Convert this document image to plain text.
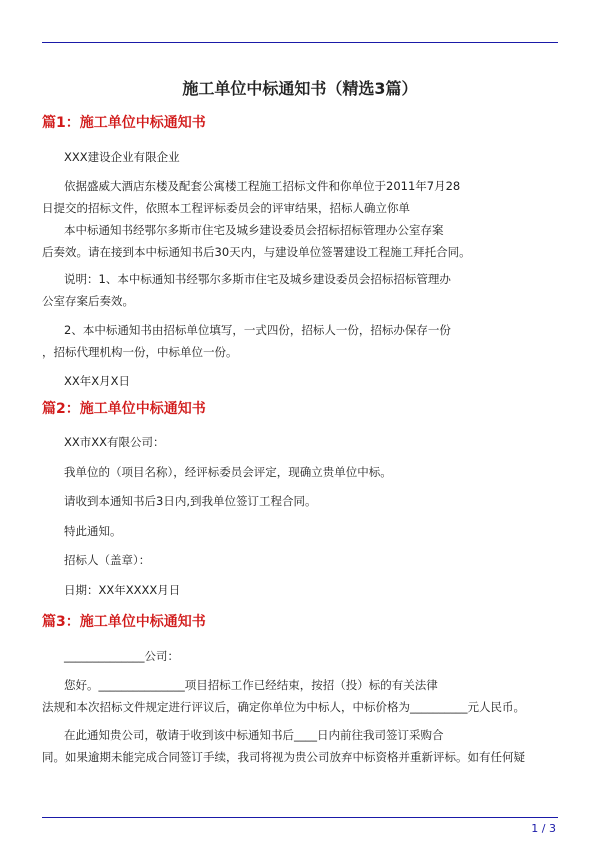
施工单位中标通知书（精选3篇）
篇1：施工单位中标通知书
XXX建设企业有限企业
依据盛威大酒店东楼及配套公寓楼工程施工招标文件和你单位于2011年7月28
日提交的招标文件，依照本工程评标委员会的评审结果，招标人确立你单
本中标通知书经鄂尔多斯市住宅及城乡建设委员会招标招标管理办公室存案
后奏效。请在接到本中标通知书后30天内，与建设单位签署建设工程施工拜托合同。
说明：1、本中标通知书经鄂尔多斯市住宅及城乡建设委员会招标招标管理办
公室存案后奏效。
2、本中标通知书由招标单位填写，一式四份，招标人一份，招标办保存一份
，招标代理机构一份，中标单位一份。
XX年X月X日
篇2：施工单位中标通知书
XX市XX有限公司：
我单位的（项目名称），经评标委员会评定，现确立贵单位中标。
请收到本通知书后3日内,到我单位签订工程合同。
特此通知。
招标人（盖章）：
日期：XX年XXXX月日
篇3：施工单位中标通知书
______________公司：
您好。_______________项目招标工作已经结束，按招（投）标的有关法律
法规和本次招标文件规定进行评议后，确定你单位为中标人，中标价格为__________元人民币。
在此通知贵公司，敬请于收到该中标通知书后____日内前往我司签订采购合
同。如果逾期未能完成合同签订手续，我司将视为贵公司放弃中标资格并重新评标。如有任何疑
1 / 3
